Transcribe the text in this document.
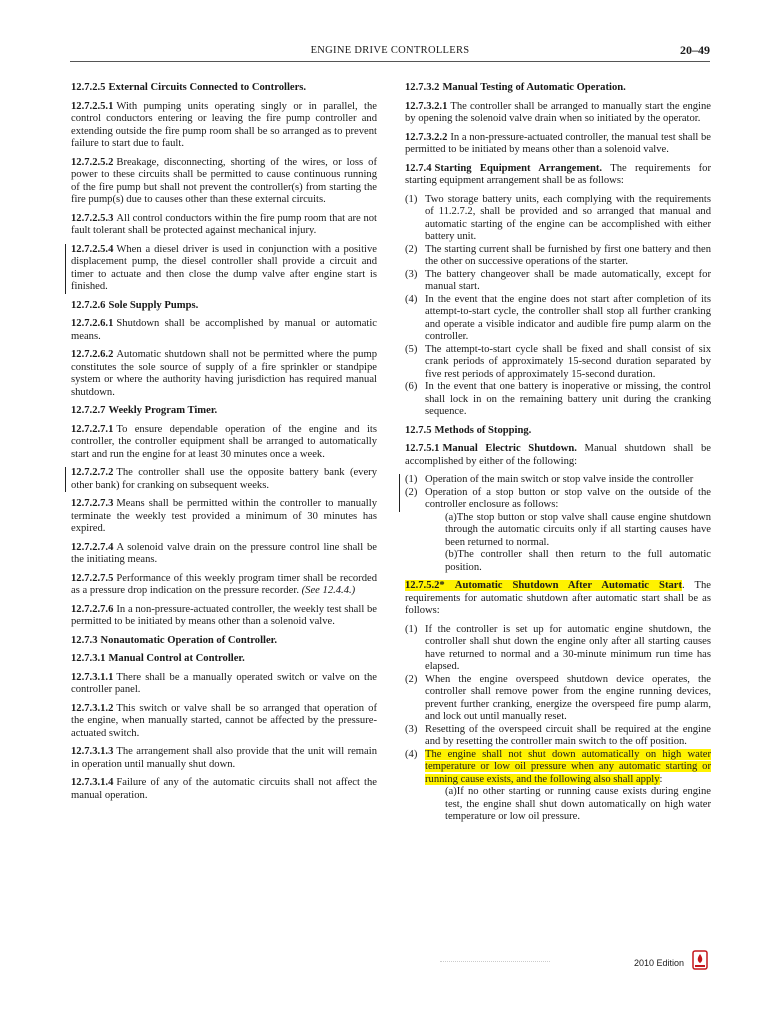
ENGINE DRIVE CONTROLLERS	20–49

12.7.2.5 External Circuits Connected to Controllers.

12.7.2.5.1 With pumping units operating singly or in parallel, the control conductors entering or leaving the fire pump controller and extending outside the fire pump room shall be so arranged as to prevent failure to start due to fault.

12.7.2.5.2 Breakage, disconnecting, shorting of the wires, or loss of power to these circuits shall be permitted to cause continuous running of the fire pump but shall not prevent the controller(s) from starting the fire pump(s) due to causes other than these external circuits.

12.7.2.5.3 All control conductors within the fire pump room that are not fault tolerant shall be protected against mechanical injury.

12.7.2.5.4 When a diesel driver is used in conjunction with a positive displacement pump, the diesel controller shall provide a circuit and timer to actuate and then close the dump valve after engine start is finished.

12.7.2.6 Sole Supply Pumps.

12.7.2.6.1 Shutdown shall be accomplished by manual or automatic means.

12.7.2.6.2 Automatic shutdown shall not be permitted where the pump constitutes the sole source of supply of a fire sprinkler or standpipe system or where the authority having jurisdiction has required manual shutdown.

12.7.2.7 Weekly Program Timer.

12.7.2.7.1 To ensure dependable operation of the engine and its controller, the controller equipment shall be arranged to automatically start and run the engine for at least 30 minutes once a week.

12.7.2.7.2 The controller shall use the opposite battery bank (every other bank) for cranking on subsequent weeks.

12.7.2.7.3 Means shall be permitted within the controller to manually terminate the weekly test provided a minimum of 30 minutes has expired.

12.7.2.7.4 A solenoid valve drain on the pressure control line shall be the initiating means.

12.7.2.7.5 Performance of this weekly program timer shall be recorded as a pressure drop indication on the pressure recorder. (See 12.4.4.)

12.7.2.7.6 In a non-pressure-actuated controller, the weekly test shall be permitted to be initiated by means other than a solenoid valve.

12.7.3 Nonautomatic Operation of Controller.

12.7.3.1 Manual Control at Controller.

12.7.3.1.1 There shall be a manually operated switch or valve on the controller panel.

12.7.3.1.2 This switch or valve shall be so arranged that operation of the engine, when manually started, cannot be affected by the pressure-actuated switch.

12.7.3.1.3 The arrangement shall also provide that the unit will remain in operation until manually shut down.

12.7.3.1.4 Failure of any of the automatic circuits shall not affect the manual operation.

12.7.3.2 Manual Testing of Automatic Operation.

12.7.3.2.1 The controller shall be arranged to manually start the engine by opening the solenoid valve drain when so initiated by the operator.

12.7.3.2.2 In a non-pressure-actuated controller, the manual test shall be permitted to be initiated by means other than a solenoid valve.

12.7.4 Starting Equipment Arrangement. The requirements for starting equipment arrangement shall be as follows:

(1) Two storage battery units, each complying with the requirements of 11.2.7.2, shall be provided and so arranged that manual and automatic starting of the engine can be accomplished with either battery unit.
(2) The starting current shall be furnished by first one battery and then the other on successive operations of the starter.
(3) The battery changeover shall be made automatically, except for manual start.
(4) In the event that the engine does not start after completion of its attempt-to-start cycle, the controller shall stop all further cranking and operate a visible indicator and audible fire pump alarm on the controller.
(5) The attempt-to-start cycle shall be fixed and shall consist of six crank periods of approximately 15-second duration separated by five rest periods of approximately 15-second duration.
(6) In the event that one battery is inoperative or missing, the control shall lock in on the remaining battery unit during the cranking sequence.

12.7.5 Methods of Stopping.

12.7.5.1 Manual Electric Shutdown. Manual shutdown shall be accomplished by either of the following:

(1) Operation of the main switch or stop valve inside the controller
(2) Operation of a stop button or stop valve on the outside of the controller enclosure as follows:
(a)The stop button or stop valve shall cause engine shutdown through the automatic circuits only if all starting causes have been returned to normal.
(b)The controller shall then return to the full automatic position.

12.7.5.2* Automatic Shutdown After Automatic Start. The requirements for automatic shutdown after automatic start shall be as follows:

(1) If the controller is set up for automatic engine shutdown, the controller shall shut down the engine only after all starting causes have returned to normal and a 30-minute minimum run time has elapsed.
(2) When the engine overspeed shutdown device operates, the controller shall remove power from the engine running devices, prevent further cranking, energize the overspeed fire pump alarm, and lock out until manually reset.
(3) Resetting of the overspeed circuit shall be required at the engine and by resetting the controller main switch to the off position.
(4) The engine shall not shut down automatically on high water temperature or low oil pressure when any automatic starting or running cause exists, and the following also shall apply:
(a)If no other starting or running cause exists during engine test, the engine shall shut down automatically on high water temperature or low oil pressure.
2010 Edition
